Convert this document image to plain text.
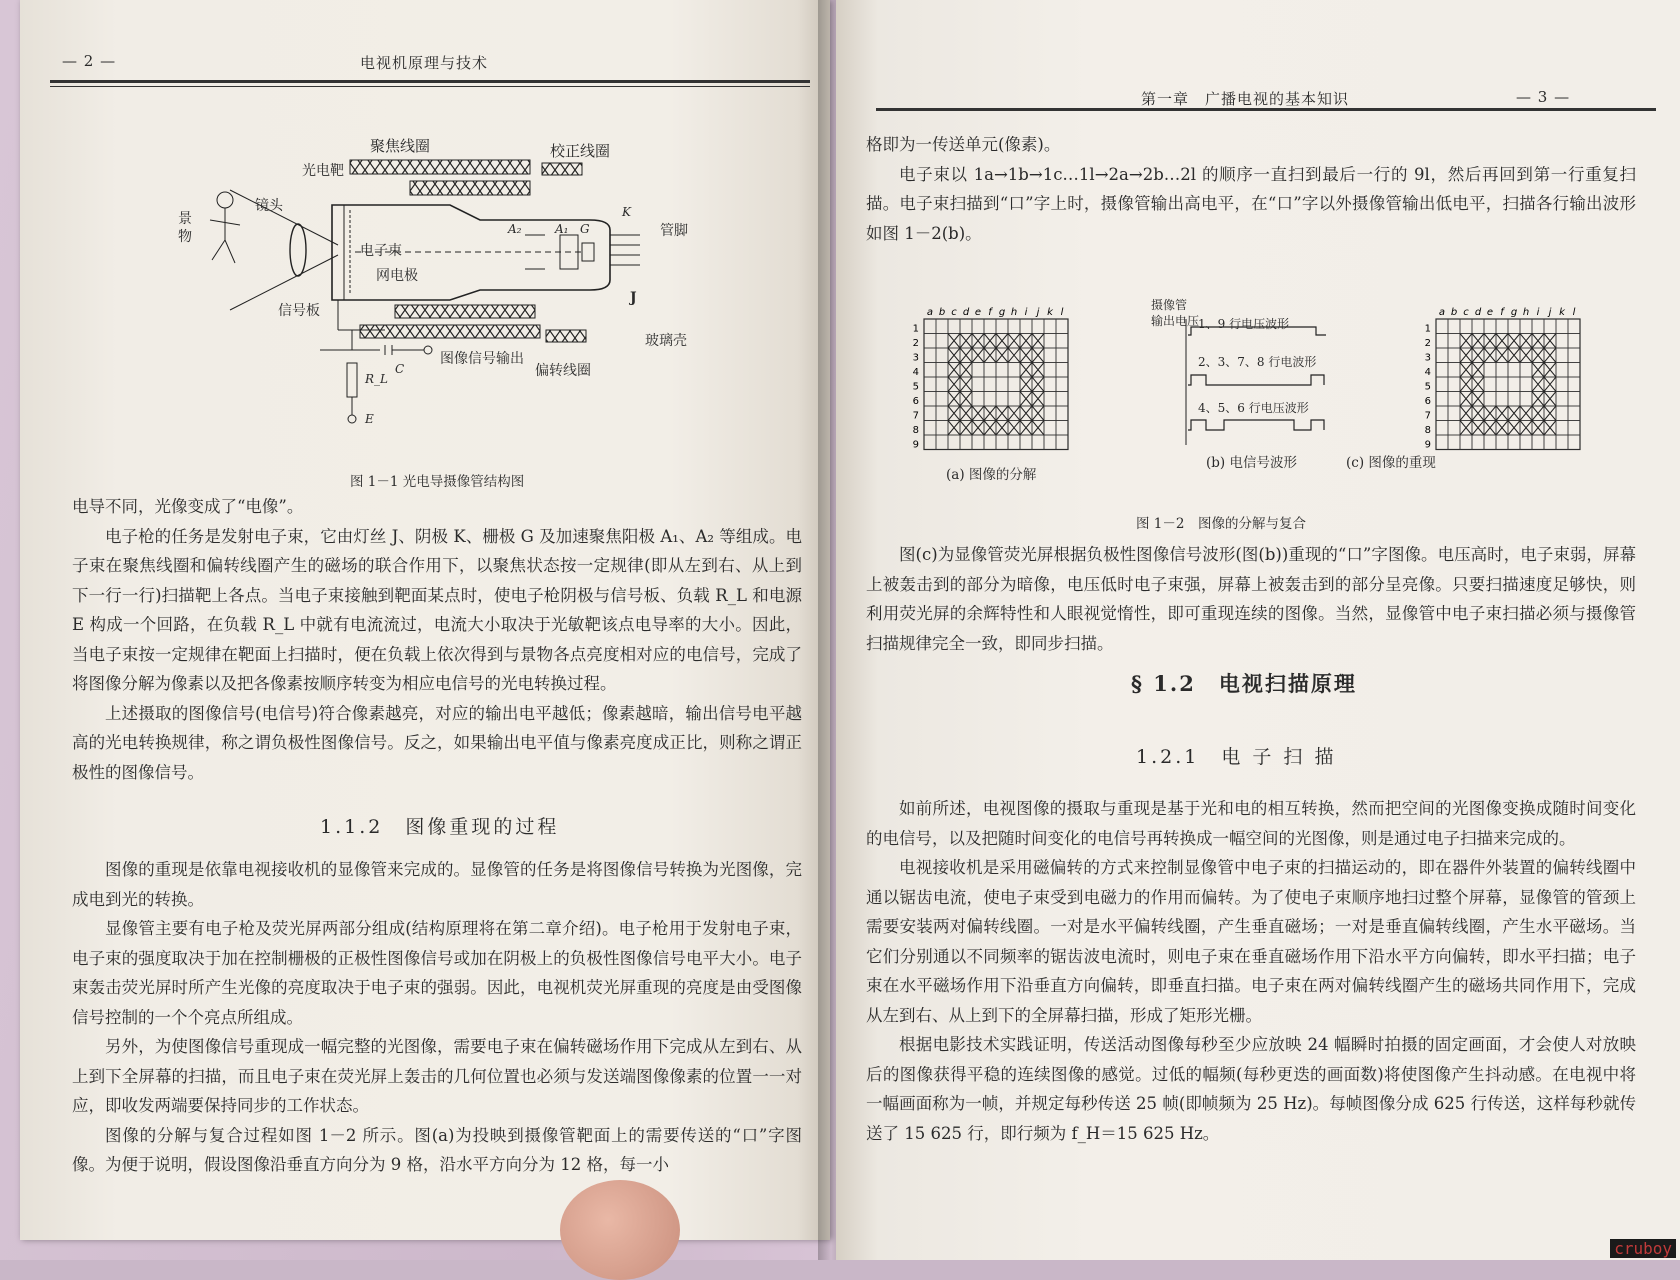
— 2 —	电视机原理与技术
聚焦线圈	校正线圈
光电靶
镜头
景物	管脚
电子束
网电极
信号板
玻璃壳
偏转线圈
图像信号输出
A₂	A₁ G
K
J
R_L
C
E
图 1－1 光电导摄像管结构图

电导不同，光像变成了“电像”。

电子枪的任务是发射电子束，它由灯丝 J、阴极 K、栅极 G 及加速聚焦阳极 A₁、A₂ 等组成。电子束在聚焦线圈和偏转线圈产生的磁场的联合作用下，以聚焦状态按一定规律(即从左到右、从上到下一行一行)扫描靶上各点。当电子束接触到靶面某点时，使电子枪阴极与信号板、负载 R_L 和电源 E 构成一个回路，在负载 R_L 中就有电流流过，电流大小取决于光敏靶该点电导率的大小。因此，当电子束按一定规律在靶面上扫描时，便在负载上依次得到与景物各点亮度相对应的电信号，完成了将图像分解为像素以及把各像素按顺序转变为相应电信号的光电转换过程。

上述摄取的图像信号(电信号)符合像素越亮，对应的输出电平越低；像素越暗，输出信号电平越高的光电转换规律，称之谓负极性图像信号。反之，如果输出电平值与像素亮度成正比，则称之谓正极性的图像信号。

1.1.2　图像重现的过程

图像的重现是依靠电视接收机的显像管来完成的。显像管的任务是将图像信号转换为光图像，完成电到光的转换。

显像管主要有电子枪及荧光屏两部分组成(结构原理将在第二章介绍)。电子枪用于发射电子束，电子束的强度取决于加在控制栅极的正极性图像信号或加在阴极上的负极性图像信号电平大小。电子束轰击荧光屏时所产生光像的亮度取决于电子束的强弱。因此，电视机荧光屏重现的亮度是由受图像信号控制的一个个亮点所组成。

另外，为使图像信号重现成一幅完整的光图像，需要电子束在偏转磁场作用下完成从左到右、从上到下全屏幕的扫描，而且电子束在荧光屏上轰击的几何位置也必须与发送端图像像素的位置一一对应，即收发两端要保持同步的工作状态。

图像的分解与复合过程如图 1－2 所示。图(a)为投映到摄像管靶面上的需要传送的“口”字图像。为便于说明，假设图像沿垂直方向分为 9 格，沿水平方向分为 12 格，每一小

第一章　广播电视的基本知识	— 3 —

格即为一传送单元(像素)。

电子束以 1a→1b→1c…1l→2a→2b…2l 的顺序一直扫到最后一行的 9l，然后再回到第一行重复扫描。电子束扫描到“口”字上时，摄像管输出高电平，在“口”字以外摄像管输出低电平，扫描各行输出波形如图 1－2(b)。

a b c d e f g h i j k l
1
2
3
4
5
6
7
8
9
a b c d e f g h i j k l
1
2
3
4
5
6
7
8
9
摄像管
输出电压
1、9 行电压波形
2、3、7、8 行电波形
4、5、6 行电压波形
(a) 图像的分解
(b) 电信号波形	(c) 图像的重现
图 1－2　图像的分解与复合

图(c)为显像管荧光屏根据负极性图像信号波形(图(b))重现的“口”字图像。电压高时，电子束弱，屏幕上被轰击到的部分为暗像，电压低时电子束强，屏幕上被轰击到的部分呈亮像。只要扫描速度足够快，则利用荧光屏的余辉特性和人眼视觉惰性，即可重现连续的图像。当然，显像管中电子束扫描必须与摄像管扫描规律完全一致，即同步扫描。

§ 1.2　电视扫描原理
1.2.1　电 子 扫 描

如前所述，电视图像的摄取与重现是基于光和电的相互转换，然而把空间的光图像变换成随时间变化的电信号，以及把随时间变化的电信号再转换成一幅空间的光图像，则是通过电子扫描来完成的。

电视接收机是采用磁偏转的方式来控制显像管中电子束的扫描运动的，即在器件外装置的偏转线圈中通以锯齿电流，使电子束受到电磁力的作用而偏转。为了使电子束顺序地扫过整个屏幕，显像管的管颈上需要安装两对偏转线圈。一对是水平偏转线圈，产生垂直磁场；一对是垂直偏转线圈，产生水平磁场。当它们分别通以不同频率的锯齿波电流时，则电子束在垂直磁场作用下沿水平方向偏转，即水平扫描；电子束在水平磁场作用下沿垂直方向偏转，即垂直扫描。电子束在两对偏转线圈产生的磁场共同作用下，完成从左到右、从上到下的全屏幕扫描，形成了矩形光栅。

根据电影技术实践证明，传送活动图像每秒至少应放映 24 幅瞬时拍摄的固定画面，才会使人对放映后的图像获得平稳的连续图像的感觉。过低的幅频(每秒更迭的画面数)将使图像产生抖动感。在电视中将一幅画面称为一帧，并规定每秒传送 25 帧(即帧频为 25 Hz)。每帧图像分成 625 行传送，这样每秒就传送了 15 625 行，即行频为 f_H＝15 625 Hz。

cruboy
